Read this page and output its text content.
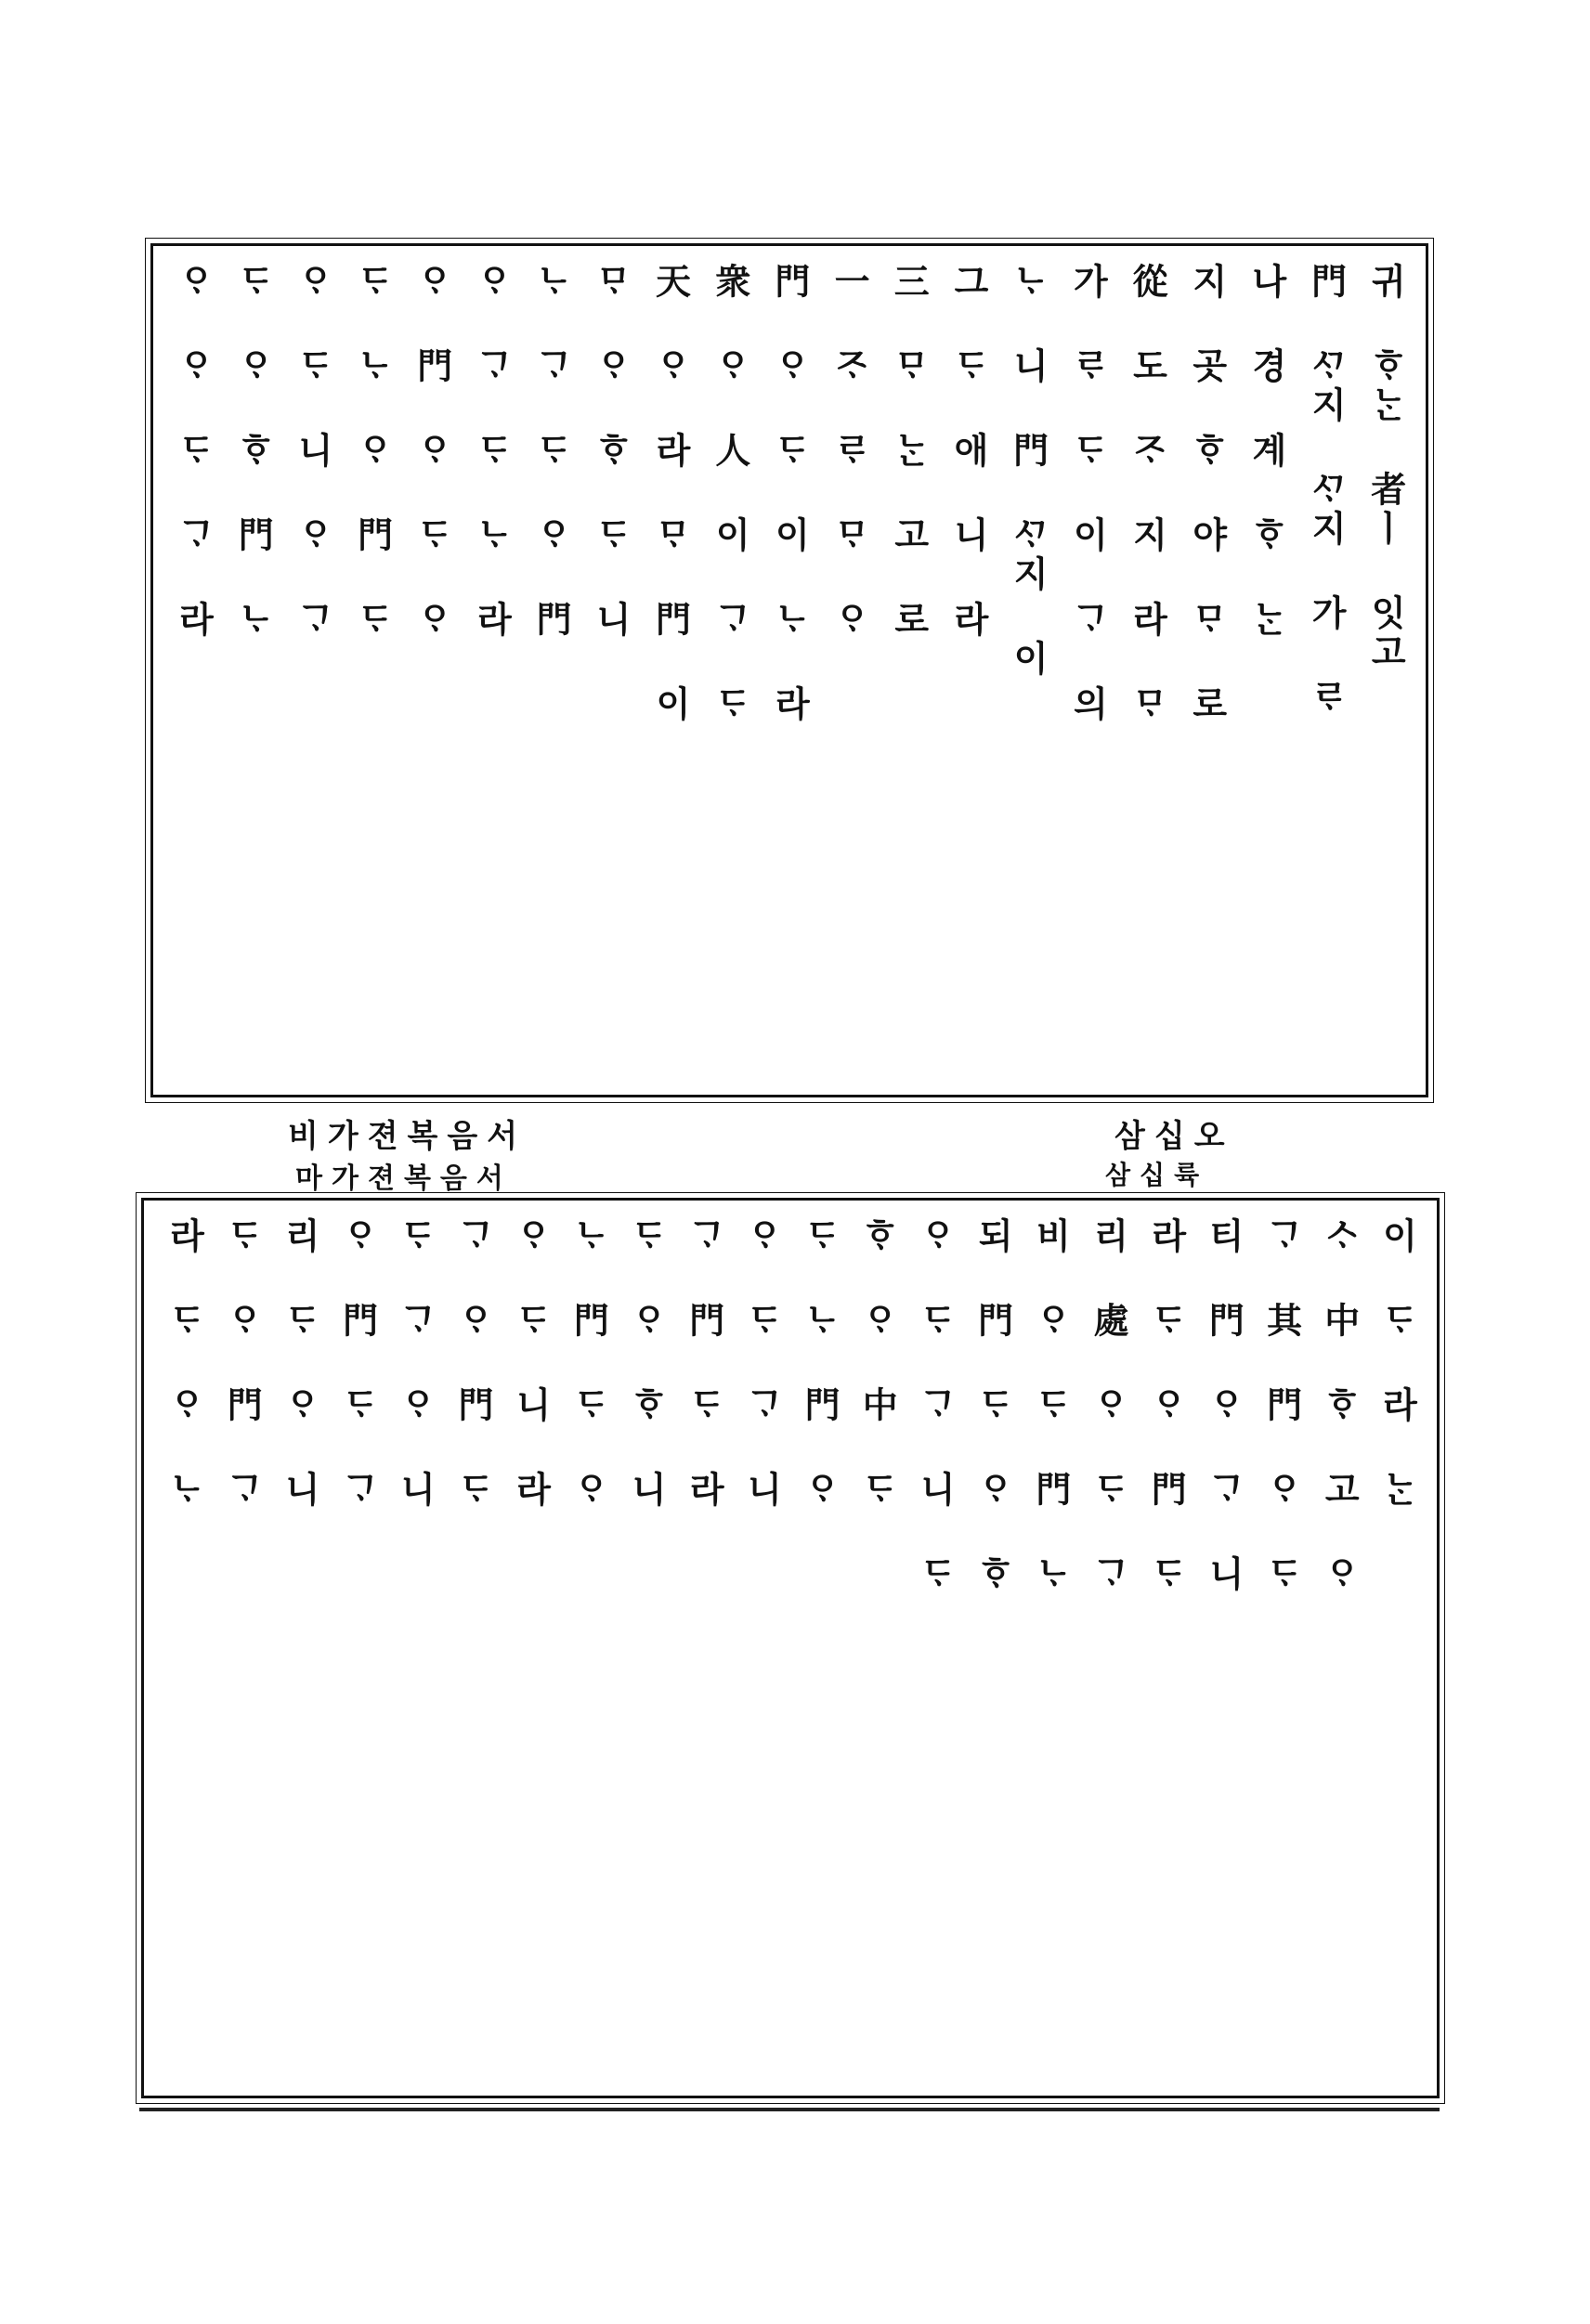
귀 ᄒᆞᄂᆞᆫ 者ㅣ 잇고
門 ᄭᆞ지 ᄭᆞ지 가 ᄅᆞ
나 경 계 ᄒᆞ ᄂᆞᆫ
지 곳 ᄒᆞ 야 ᄆᆞ 로
從 도 ᄌᆞ 지 라 ᄆᆞ
가 ᄅᆞ ᄃᆞ 이 ᄀᆞ 의
ᄂᆞ 니 門 ᄭᆞ지 이
그 ᄃᆞ 애 니 라
三 ᄆᆞ ᄂᆞᆫ 고 로
一 ᄌᆞ ᄅᆞ ᄆᆞ ᄋᆞ
門 ᄋᆞ ᄃᆞ 이 ᄂᆞ 라
衆 ᄋᆞ 人 이 ᄀᆞ ᄃᆞ
天 ᄋᆞ 라 ᄆᆞ 門 이
ᄆᆞ ᄋᆞ ᄒᆞ ᄃᆞ 니
ᄂᆞ ᄀᆞ ᄃᆞ ᄋᆞ 門
ᄋᆞ ᄀᆞ ᄃᆞ ᄂᆞ 라
ᄋᆞ 門 ᄋᆞ ᄃᆞ ᄋᆞ
ᄃᆞ ᄂᆞ ᄋᆞ 門 ᄃᆞ
ᄋᆞ ᄃᆞ 니 ᄋᆞ ᄀᆞ
ᄃᆞ ᄋᆞ ᄒᆞ 門 ᄂᆞ
ᄋᆞ ᄋᆞ ᄃᆞ ᄀᆞ 라
비가젼복음서
마가젼복음서
삼십오
삼십륙
이 ᄃᆞ 라 ᄂᆞᆫ
ᄉᆞ 中 ᄒᆞ 고 ᄋᆞ
ᄀᆞ 其 門 ᄋᆞ ᄃᆞ
티 門 ᄋᆞ ᄀᆞ 니
라 ᄃᆞ ᄋᆞ 門 ᄃᆞ
리 處 ᄋᆞ ᄃᆞ ᄀᆞ
비 ᄋᆞ ᄃᆞ 門 ᄂᆞ
되 門 ᄃᆞ ᄋᆞ ᄒᆞ
ᄋᆞ ᄃᆞ ᄀᆞ 니 ᄃᆞ
ᄒᆞ ᄋᆞ 中 ᄃᆞ
ᄃᆞ ᄂᆞ 門 ᄋᆞ
ᄋᆞ ᄃᆞ ᄀᆞ 니
ᄀᆞ 門 ᄃᆞ 라
ᄃᆞ ᄋᆞ ᄒᆞ 니
ᄂᆞ 門 ᄃᆞ ᄋᆞ
ᄋᆞ ᄃᆞ 니 라
ᄀᆞ ᄋᆞ 門 ᄃᆞ
ᄃᆞ ᄀᆞ ᄋᆞ 니
ᄋᆞ 門 ᄃᆞ ᄀᆞ
리 ᄃᆞ ᄋᆞ 니
ᄃᆞ ᄋᆞ 門 ᄀᆞ
라 ᄃᆞ ᄋᆞ ᄂᆞ
